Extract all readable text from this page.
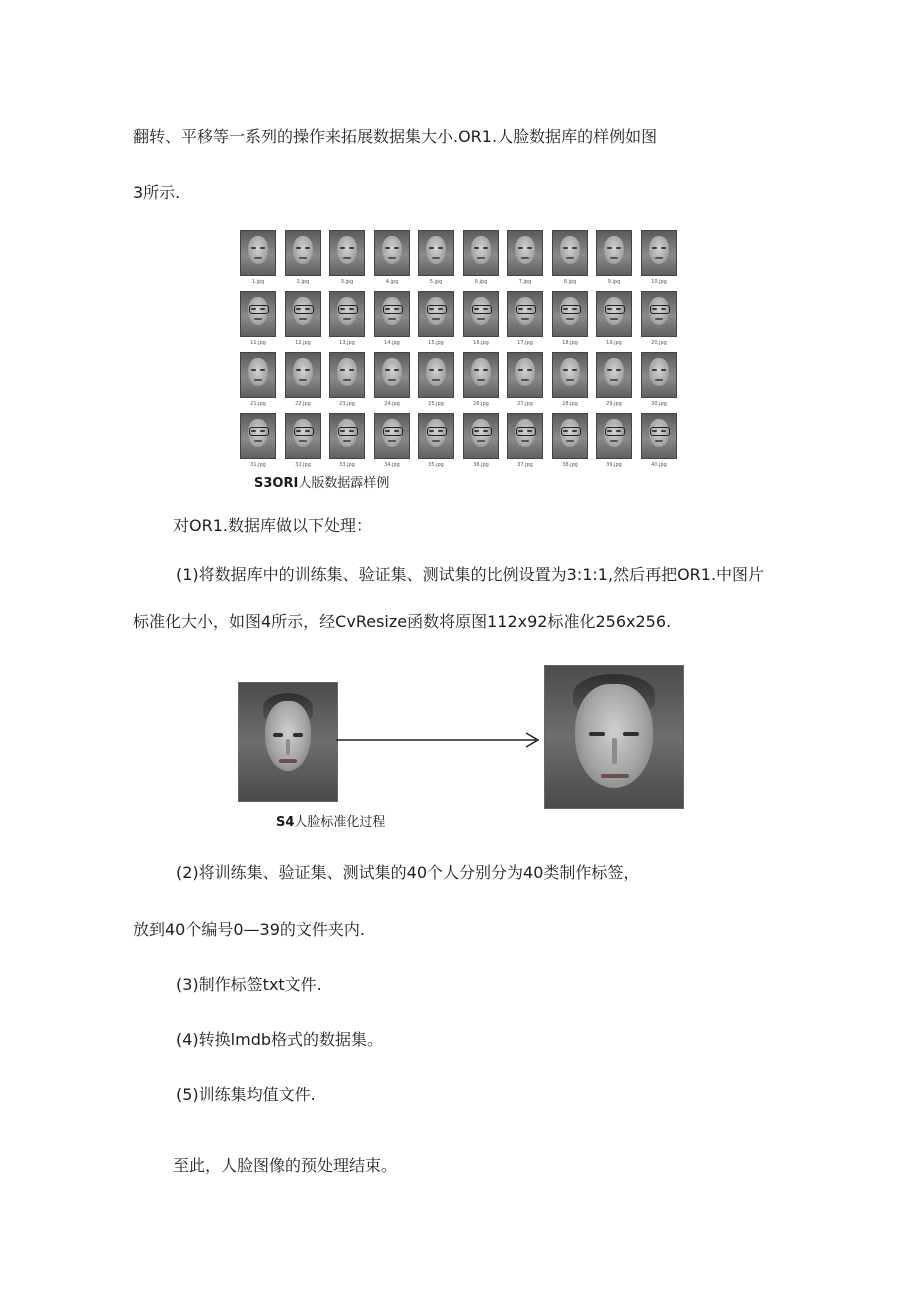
翻转、平移等一系列的操作来拓展数据集大小.OR1.人脸数据库的样例如图
3所示.
1.jpg	2.jpg	3.jpg	4.jpg	5.jpg	6.jpg	7.jpg	8.jpg	9.jpg	10.jpg
11.jpg	12.jpg	13.jpg	14.jpg	15.jpg	16.jpg	17.jpg	18.jpg	19.jpg	20.jpg
21.jpg	22.jpg	23.jpg	24.jpg	25.jpg	26.jpg	27.jpg	28.jpg	29.jpg	30.jpg
31.jpg	32.jpg	33.jpg	34.jpg	35.jpg	36.jpg	37.jpg	38.jpg	39.jpg	40.jpg
S3ORI人版数据霹样例
对OR1.数据库做以下处理：
(1)将数据库中的训练集、验证集、测试集的比例设置为3:1:1,然后再把OR1.中图片
标准化大小，如图4所示，经CvResize函数将原图112x92标准化256x256.
S4人脸标准化过程
(2)将训练集、验证集、测试集的40个人分别分为40类制作标签，
放到40个编号0—39的文件夹内.
(3)制作标签txt文件.
(4)转换lmdb格式的数据集。
(5)训练集均值文件.
至此，人脸图像的预处理结束。
